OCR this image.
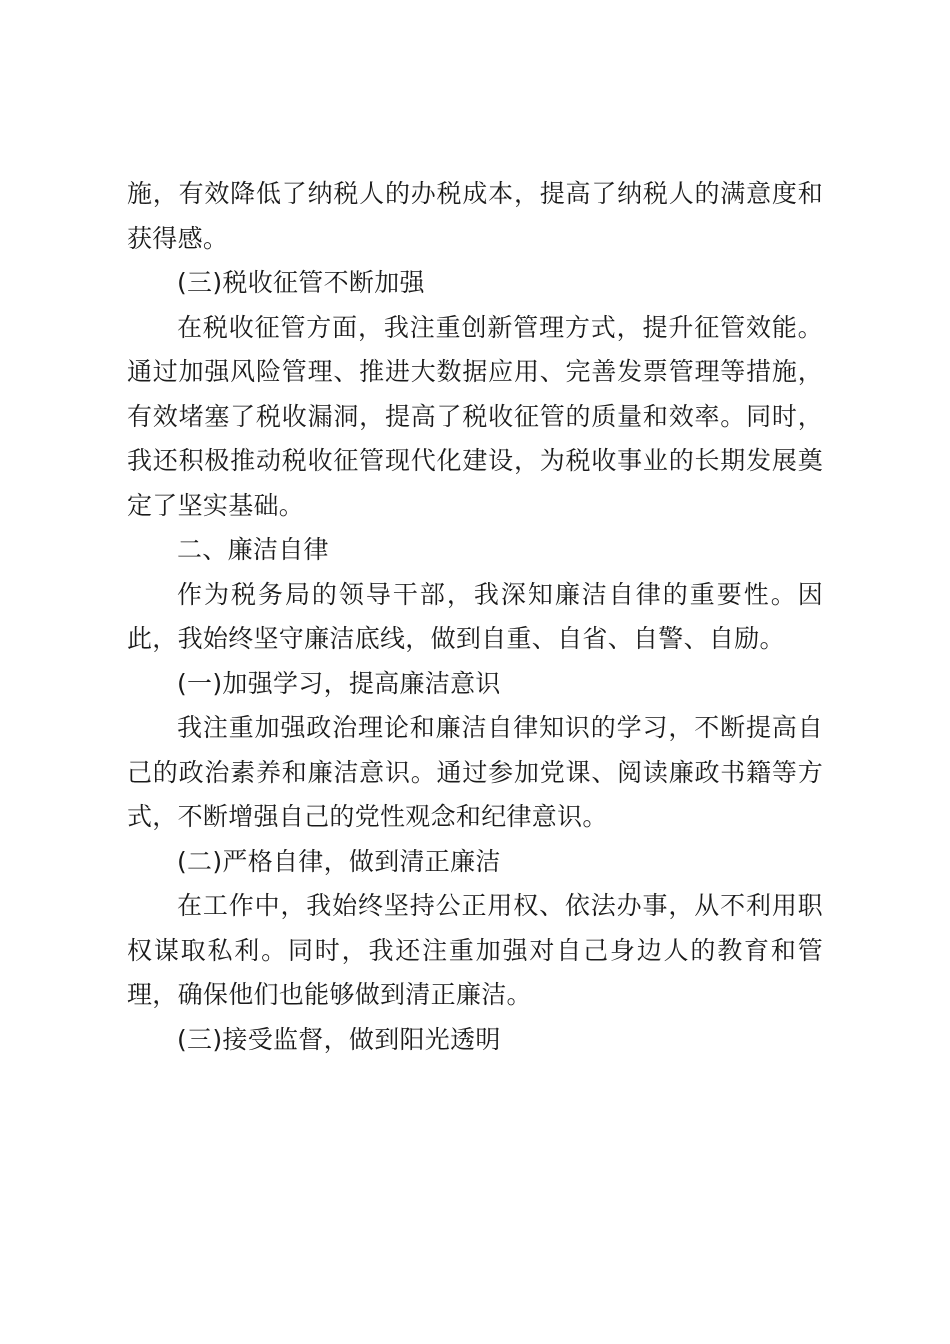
施，有效降低了纳税人的办税成本，提高了纳税人的满意度和获得感。

(三)税收征管不断加强

在税收征管方面，我注重创新管理方式，提升征管效能。通过加强风险管理、推进大数据应用、完善发票管理等措施，有效堵塞了税收漏洞，提高了税收征管的质量和效率。同时，我还积极推动税收征管现代化建设，为税收事业的长期发展奠定了坚实基础。

二、廉洁自律

作为税务局的领导干部，我深知廉洁自律的重要性。因此，我始终坚守廉洁底线，做到自重、自省、自警、自励。

(一)加强学习，提高廉洁意识

我注重加强政治理论和廉洁自律知识的学习，不断提高自己的政治素养和廉洁意识。通过参加党课、阅读廉政书籍等方式，不断增强自己的党性观念和纪律意识。

(二)严格自律，做到清正廉洁

在工作中，我始终坚持公正用权、依法办事，从不利用职权谋取私利。同时，我还注重加强对自己身边人的教育和管理，确保他们也能够做到清正廉洁。

(三)接受监督，做到阳光透明
